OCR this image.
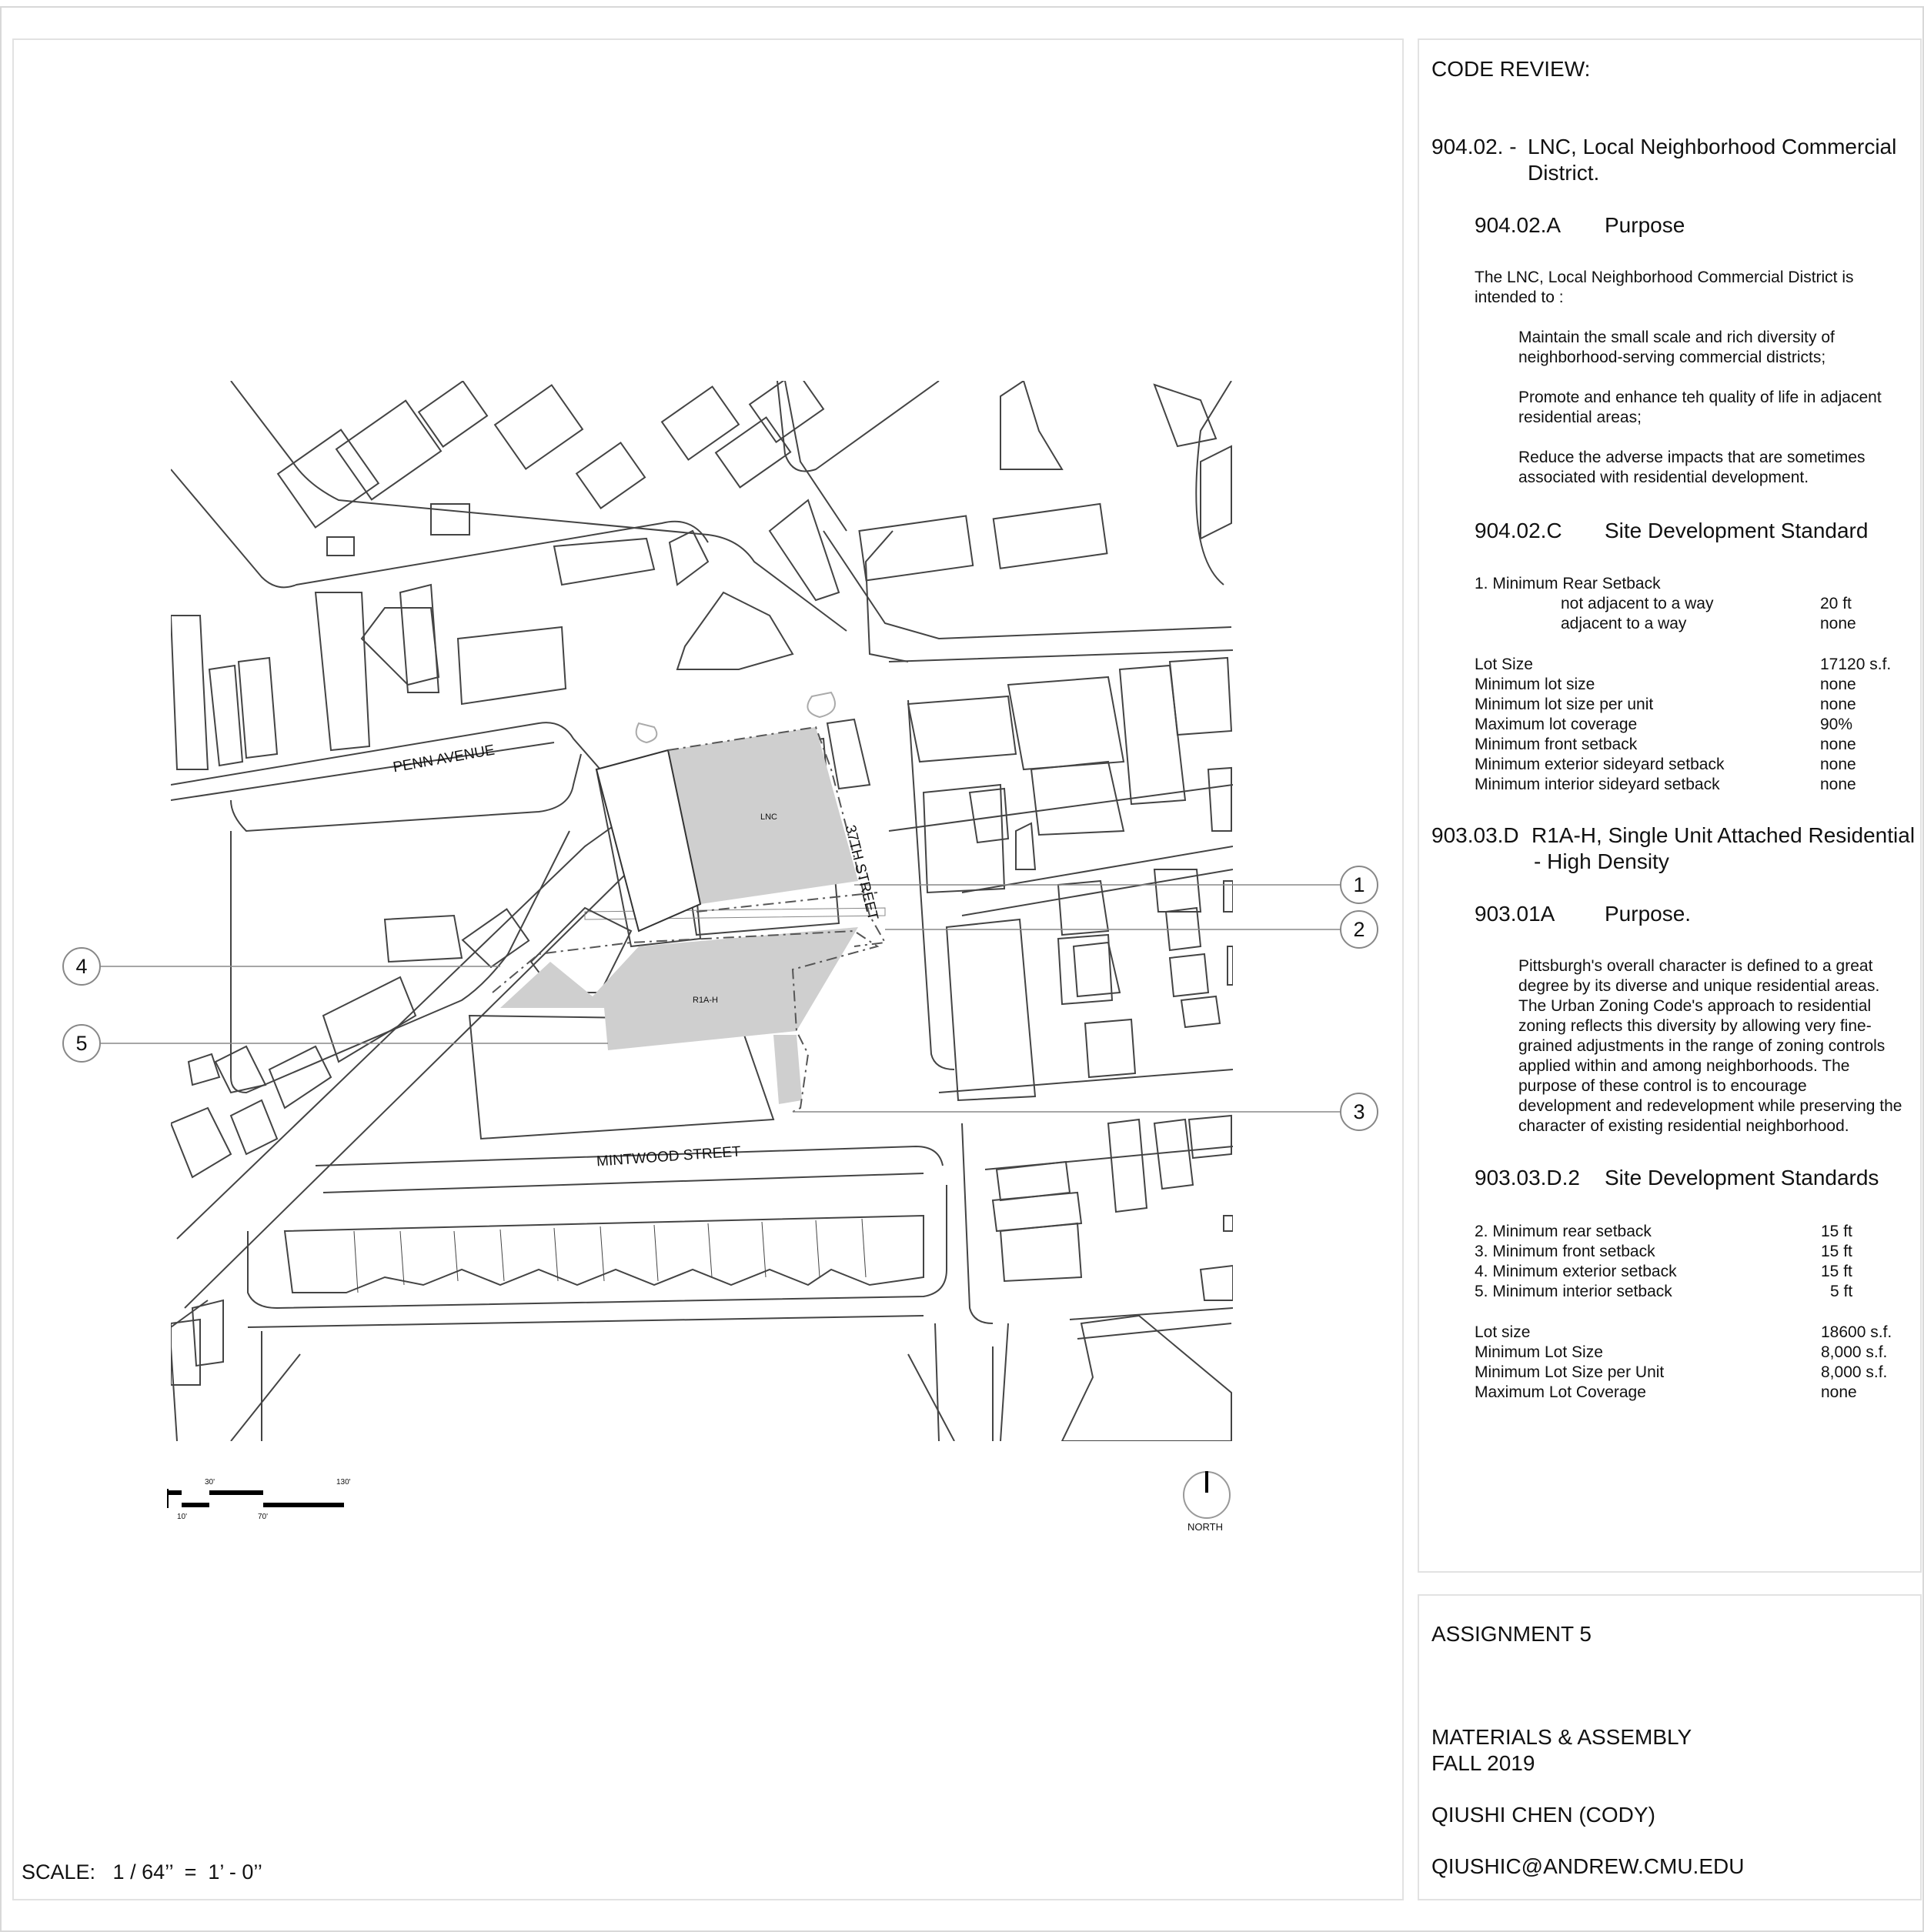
PENN AVENUE
MINTWOOD STREET
37TH STREET
LNC
R1A-H
1
2
3
4
5
30'	130'
10'	70'
NORTH
SCALE:   1 / 64’’  =  1’ - 0’’
CODE REVIEW:
904.02. - LNC, Local Neighborhood Commercial
District.
904.02.A Purpose
The LNC, Local Neighborhood Commercial District is intended to :
Maintain the small scale and rich diversity of neighborhood-serving commercial districts;
Promote and enhance teh quality of life in adjacent residential areas;
Reduce the adverse impacts that are sometimes associated with residential development.
904.02.C Site Development Standard
1. Minimum Rear Setback
not adjacent to a way	20 ft
adjacent to a way	none
Lot Size	17120 s.f.
Minimum lot size	none
Minimum lot size per unit	none
Maximum lot coverage	90%
Minimum front setback	none
Minimum exterior sideyard setback	none
Minimum interior sideyard setback	none
903.03.D R1A-H, Single Unit Attached Residential
- High Density
903.01A Purpose.
Pittsburgh's overall character is defined to a great degree by its diverse and unique residential areas. The Urban Zoning Code's approach to residential zoning reflects this diversity by allowing very fine-grained adjustments in the range of zoning controls applied within and among neighborhoods. The purpose of these control is to encourage development and redevelopment while preserving the character of existing residential neighborhood.
903.03.D.2 Site Development Standards
2. Minimum rear setback	15 ft
3. Minimum front setback	15 ft
4. Minimum exterior setback	15 ft
5. Minimum interior setback	5 ft
Lot size	18600 s.f.
Minimum Lot Size	8,000 s.f.
Minimum Lot Size per Unit	8,000 s.f.
Maximum Lot Coverage	none
ASSIGNMENT 5
MATERIALS & ASSEMBLY
FALL 2019
QIUSHI CHEN (CODY)
QIUSHIC@ANDREW.CMU.EDU
